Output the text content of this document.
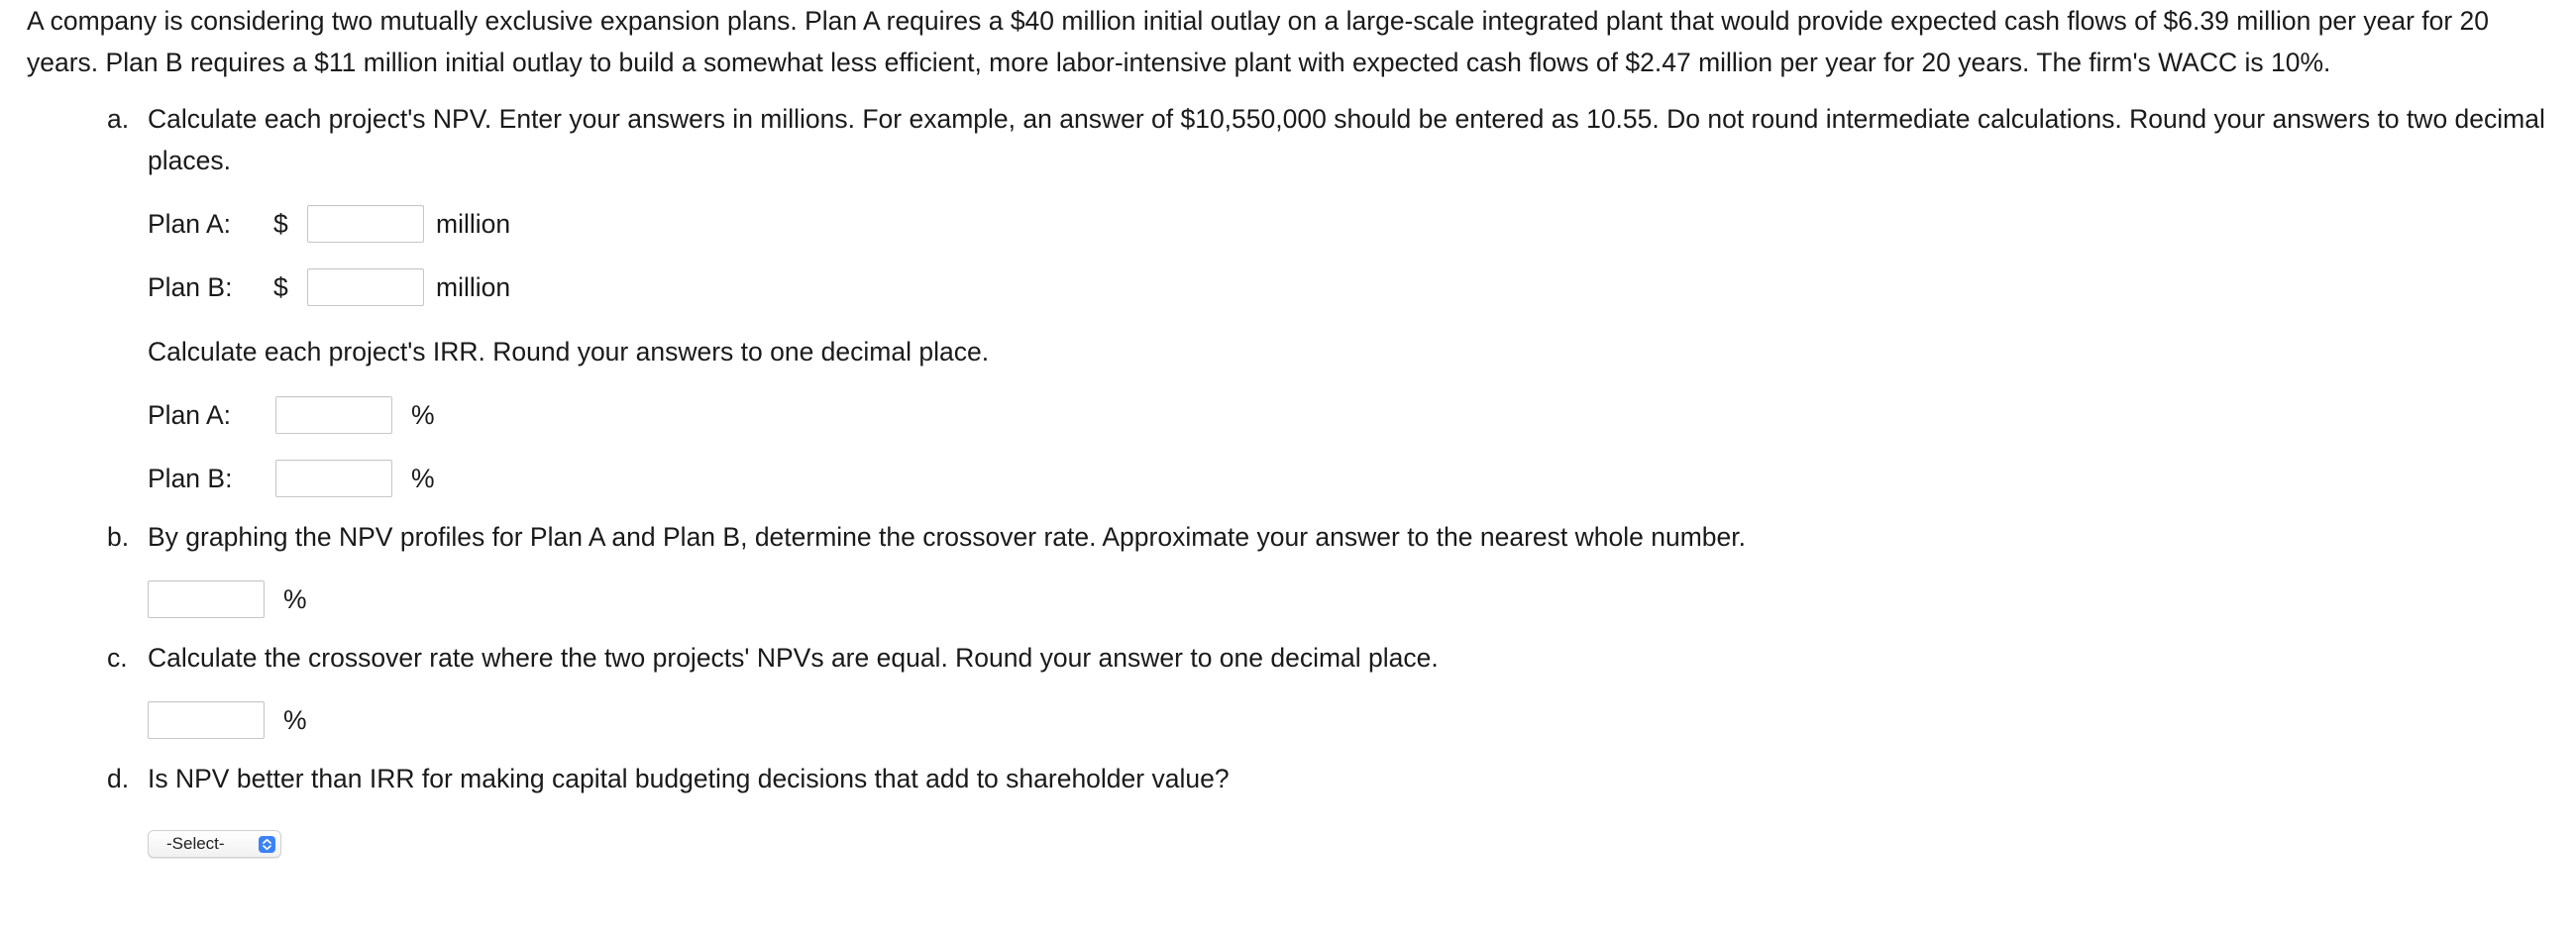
A company is considering two mutually exclusive expansion plans. Plan A requires a $40 million initial outlay on a large-scale integrated plant that would provide expected cash flows of $6.39 million per year for 20 years. Plan B requires a $11 million initial outlay to build a somewhat less efficient, more labor-intensive plant with expected cash flows of $2.47 million per year for 20 years. The firm's WACC is 10%.

a. Calculate each project's NPV. Enter your answers in millions. For example, an answer of $10,550,000 should be entered as 10.55. Do not round intermediate calculations. Round your answers to two decimal places.
Plan A: $	million
Plan B: $	million
Calculate each project's IRR. Round your answers to one decimal place.
Plan A:	%
Plan B:	%
b. By graphing the NPV profiles for Plan A and Plan B, determine the crossover rate. Approximate your answer to the nearest whole number.
%
c. Calculate the crossover rate where the two projects' NPVs are equal. Round your answer to one decimal place.
%
d. Is NPV better than IRR for making capital budgeting decisions that add to shareholder value?
-Select-
